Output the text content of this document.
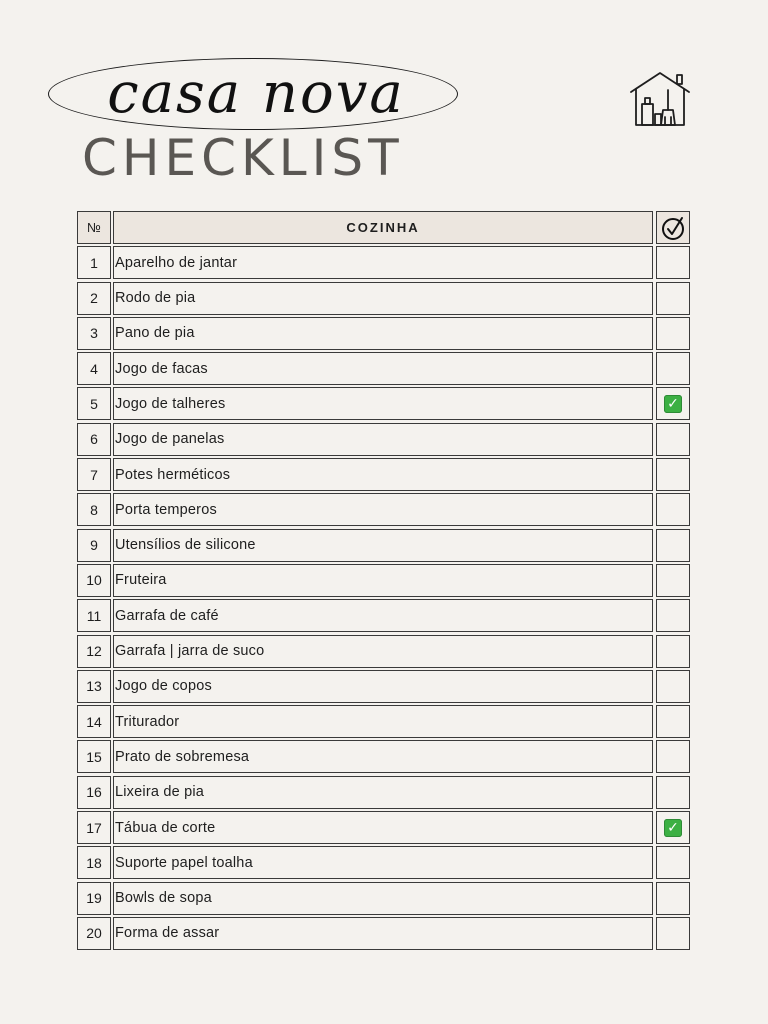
casa nova
CHECKLIST
№	COZINHA
1	Aparelho de jantar
2	Rodo de pia
3	Pano de pia
4	Jogo de facas
5	Jogo de talheres	✓
6	Jogo de panelas
7	Potes herméticos
8	Porta temperos
9	Utensílios de silicone
10 Fruteira
11 Garrafa de café
12 Garrafa | jarra de suco
13 Jogo de copos
14 Triturador
15 Prato de sobremesa
16 Lixeira de pia
17 Tábua de corte	✓
18 Suporte papel toalha
19 Bowls de sopa
20 Forma de assar
